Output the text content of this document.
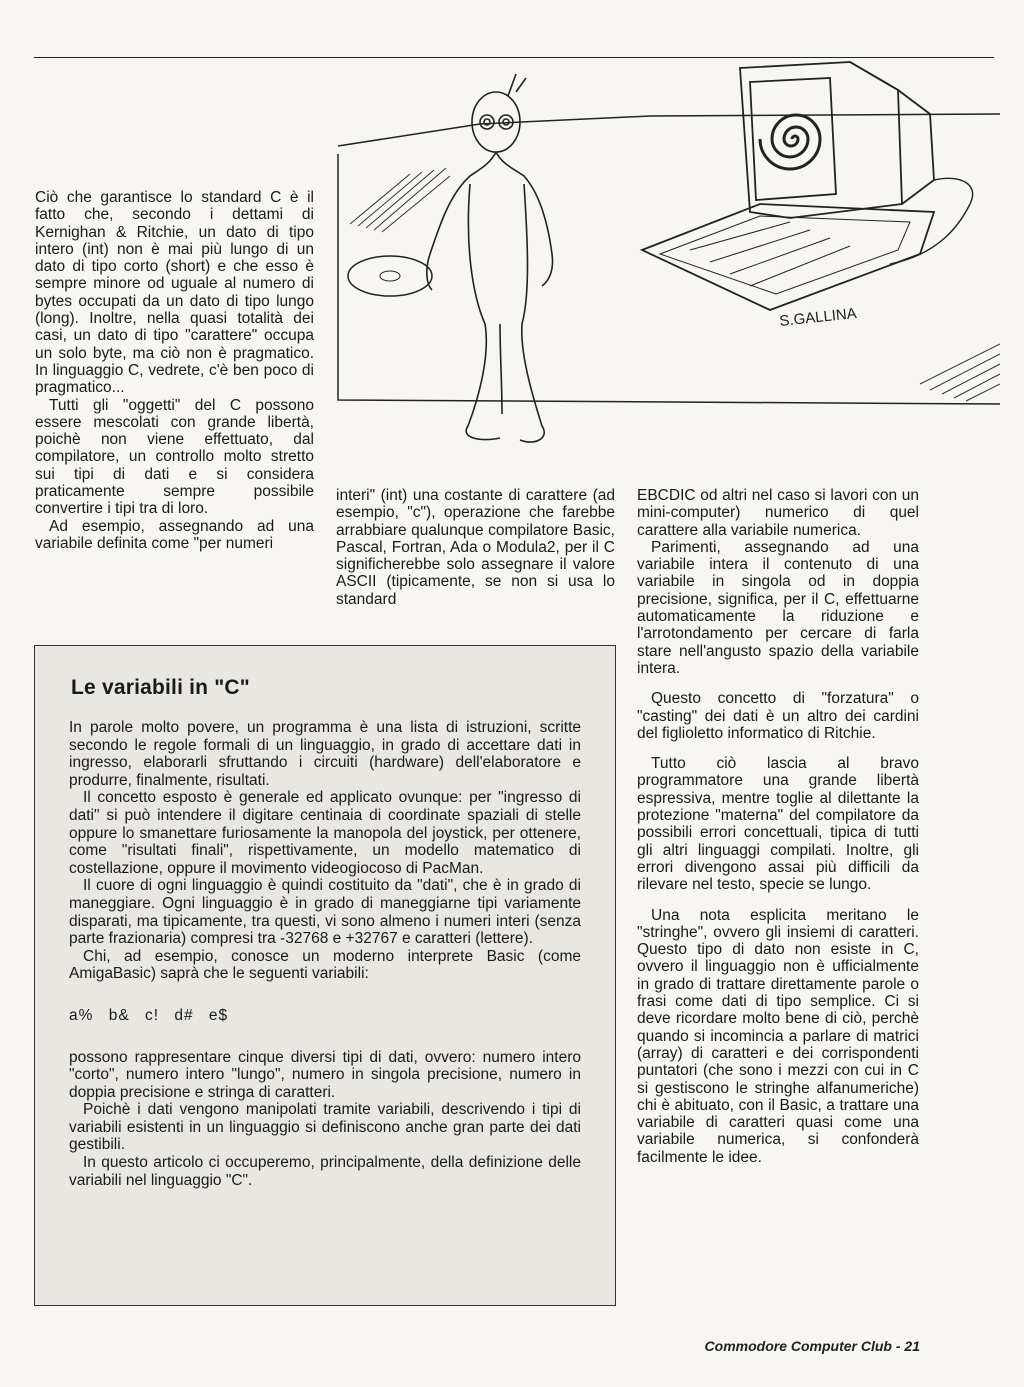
Ciò che garantisce lo standard C è il fatto che, secondo i dettami di Kernighan & Ritchie, un dato di tipo intero (int) non è mai più lungo di un dato di tipo corto (short) e che esso è sempre minore od uguale al numero di bytes occupati da un dato di tipo lungo (long). Inoltre, nella quasi totalità dei casi, un dato di tipo "carattere" occupa un solo byte, ma ciò non è pragmatico. In linguaggio C, vedrete, c'è ben poco di pragmatico...

Tutti gli "oggetti" del C possono essere mescolati con grande libertà, poichè non viene effettuato, dal compilatore, un controllo molto stretto sui tipi di dati e si considera praticamente sempre possibile convertire i tipi tra di loro.

Ad esempio, assegnando ad una variabile definita come "per numeri

S.GALLINA

interi" (int) una costante di carattere (ad esempio, "c"), operazione che farebbe arrabbiare qualunque compilatore Basic, Pascal, Fortran, Ada o Modula2, per il C significherebbe solo assegnare il valore ASCII (tipicamente, se non si usa lo standard

EBCDIC od altri nel caso si lavori con un mini-computer) numerico di quel carattere alla variabile numerica.

Parimenti, assegnando ad una variabile intera il contenuto di una variabile in singola od in doppia precisione, significa, per il C, effettuarne automaticamente la riduzione e l'arrotondamento per cercare di farla stare nell'angusto spazio della variabile intera.

Questo concetto di "forzatura" o "casting" dei dati è un altro dei cardini del figlioletto informatico di Ritchie.

Tutto ciò lascia al bravo programmatore una grande libertà espressiva, mentre toglie al dilettante la protezione "materna" del compilatore da possibili errori concettuali, tipica di tutti gli altri linguaggi compilati. Inoltre, gli errori divengono assai più difficili da rilevare nel testo, specie se lungo.

Una nota esplicita meritano le "stringhe", ovvero gli insiemi di caratteri. Questo tipo di dato non esiste in C, ovvero il linguaggio non è ufficialmente in grado di trattare direttamente parole o frasi come dati di tipo semplice. Ci si deve ricordare molto bene di ciò, perchè quando si incomincia a parlare di matrici (array) di caratteri e dei corrispondenti puntatori (che sono i mezzi con cui in C si gestiscono le stringhe alfanumeriche) chi è abituato, con il Basic, a trattare una variabile di caratteri quasi come una variabile numerica, si confonderà facilmente le idee.

Le variabili in "C"

In parole molto povere, un programma è una lista di istruzioni, scritte secondo le regole formali di un linguaggio, in grado di accettare dati in ingresso, elaborarli sfruttando i circuiti (hardware) dell'elaboratore e produrre, finalmente, risultati.

Il concetto esposto è generale ed applicato ovunque: per "ingresso di dati" si può intendere il digitare centinaia di coordinate spaziali di stelle oppure lo smanettare furiosamente la manopola del joystick, per ottenere, come "risultati finali", rispettivamente, un modello matematico di costellazione, oppure il movimento videogiocoso di PacMan.

Il cuore di ogni linguaggio è quindi costituito da "dati", che è in grado di maneggiare. Ogni linguaggio è in grado di maneggiarne tipi variamente disparati, ma tipicamente, tra questi, vi sono almeno i numeri interi (senza parte frazionaria) compresi tra -32768 e +32767 e caratteri (lettere).

Chi, ad esempio, conosce un moderno interprete Basic (come AmigaBasic) saprà che le seguenti variabili:

a% b& c! d# e$

possono rappresentare cinque diversi tipi di dati, ovvero: numero intero "corto", numero intero "lungo", numero in singola precisione, numero in doppia precisione e stringa di caratteri.

Poichè i dati vengono manipolati tramite variabili, descrivendo i tipi di variabili esistenti in un linguaggio si definiscono anche gran parte dei dati gestibili.

In questo articolo ci occuperemo, principalmente, della definizione delle variabili nel linguaggio "C".

Commodore Computer Club - 21
